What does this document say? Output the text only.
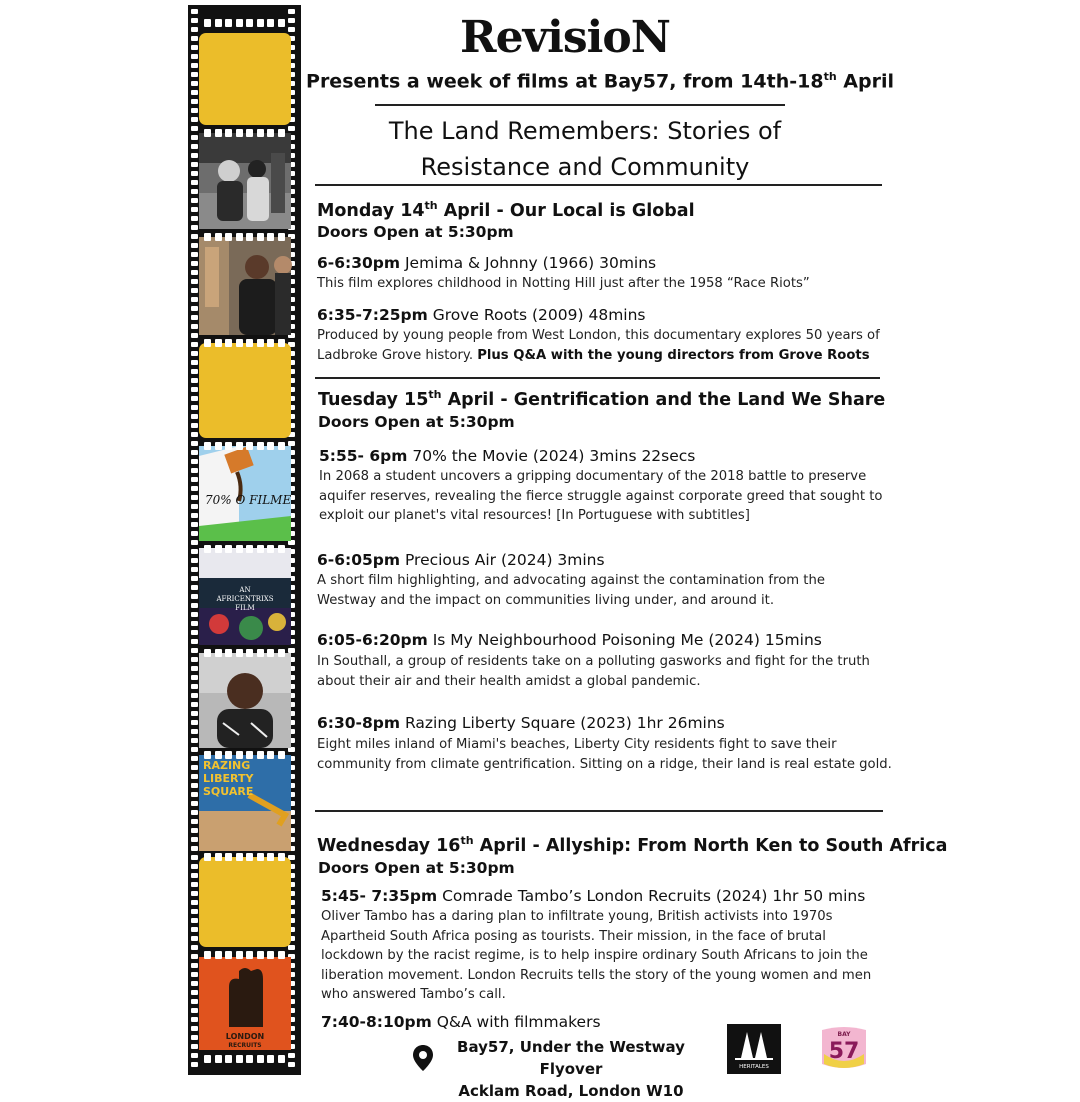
70% O FILME
AN
AFRICENTRIXS
FILM
RAZING
LIBERTY
SQUARE
LONDON
RECRUITS
RevisioN
Presents a week of films at Bay57, from 14th-18th April
The Land Remembers: Stories of
Resistance and Community
Monday 14th April - Our Local is Global
Doors Open at 5:30pm
6-6:30pm Jemima & Johnny (1966) 30mins
This film explores childhood in Notting Hill just after the 1958 “Race Riots”
6:35-7:25pm Grove Roots (2009) 48mins
Produced by young people from West London, this documentary explores 50 years of Ladbroke Grove history. Plus Q&A with the young directors from Grove Roots
Tuesday 15th April - Gentrification and the Land We Share
Doors Open at 5:30pm
5:55- 6pm 70% the Movie (2024) 3mins 22secs
In 2068 a student uncovers a gripping documentary of the 2018 battle to preserve aquifer reserves, revealing the fierce struggle against corporate greed that sought to exploit our planet's vital resources! [In Portuguese with subtitles]
6-6:05pm Precious Air (2024) 3mins
A short film highlighting, and advocating against the contamination from the Westway and the impact on communities living under, and around it.
6:05-6:20pm Is My Neighbourhood Poisoning Me (2024) 15mins
In Southall, a group of residents take on a polluting gasworks and fight for the truth about their air and their health amidst a global pandemic.
6:30-8pm Razing Liberty Square (2023) 1hr 26mins
Eight miles inland of Miami's beaches, Liberty City residents fight to save their community from climate gentrification. Sitting on a ridge, their land is real estate gold.
Wednesday 16th April - Allyship: From North Ken to South Africa
Doors Open at 5:30pm
5:45- 7:35pm Comrade Tambo’s London Recruits (2024) 1hr 50 mins
Oliver Tambo has a daring plan to infiltrate young, British activists into 1970s Apartheid South Africa posing as tourists. Their mission, in the face of brutal lockdown by the racist regime, is to help inspire ordinary South Africans to join the liberation movement. London Recruits tells the story of the young women and men who answered Tambo’s call.
7:40-8:10pm Q&A with filmmakers
Bay57, Under the Westway Flyover
Acklam Road, London W10
HERITALES
BAY
57
